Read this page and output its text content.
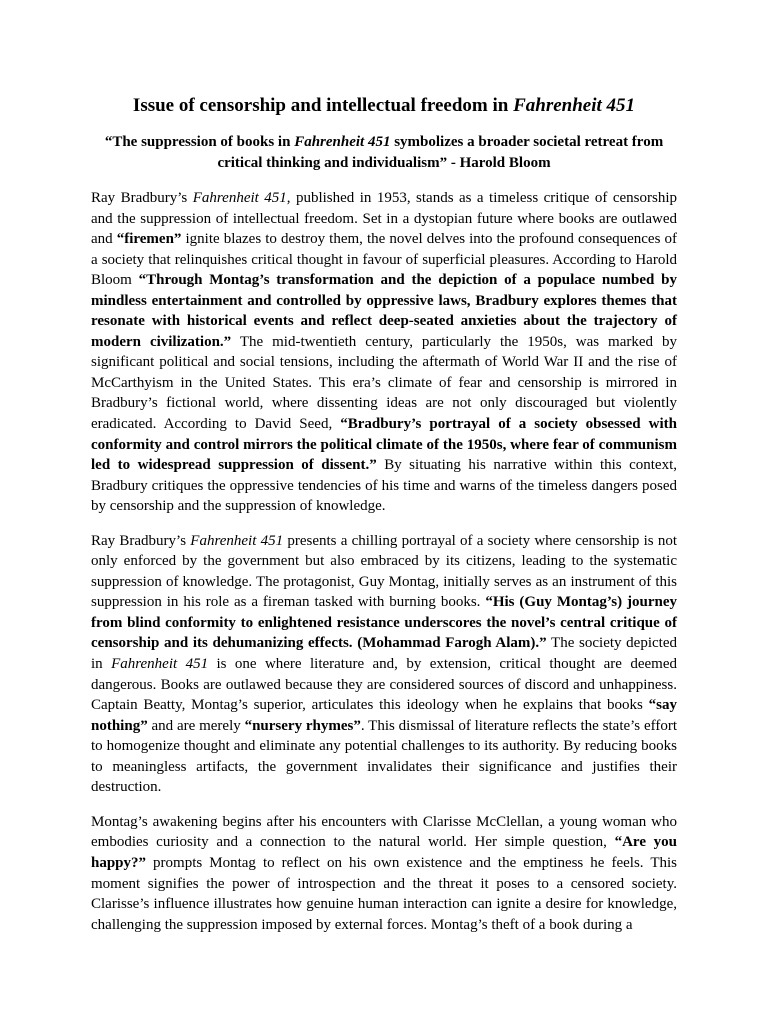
Issue of censorship and intellectual freedom in Fahrenheit 451

“The suppression of books in Fahrenheit 451 symbolizes a broader societal retreat from critical thinking and individualism” - Harold Bloom

Ray Bradbury’s Fahrenheit 451, published in 1953, stands as a timeless critique of censorship and the suppression of intellectual freedom. Set in a dystopian future where books are outlawed and “firemen” ignite blazes to destroy them, the novel delves into the profound consequences of a society that relinquishes critical thought in favour of superficial pleasures. According to Harold Bloom “Through Montag’s transformation and the depiction of a populace numbed by mindless entertainment and controlled by oppressive laws, Bradbury explores themes that resonate with historical events and reflect deep-seated anxieties about the trajectory of modern civilization.” The mid-twentieth century, particularly the 1950s, was marked by significant political and social tensions, including the aftermath of World War II and the rise of McCarthyism in the United States. This era’s climate of fear and censorship is mirrored in Bradbury’s fictional world, where dissenting ideas are not only discouraged but violently eradicated. According to David Seed, “Bradbury’s portrayal of a society obsessed with conformity and control mirrors the political climate of the 1950s, where fear of communism led to widespread suppression of dissent.” By situating his narrative within this context, Bradbury critiques the oppressive tendencies of his time and warns of the timeless dangers posed by censorship and the suppression of knowledge.

Ray Bradbury’s Fahrenheit 451 presents a chilling portrayal of a society where censorship is not only enforced by the government but also embraced by its citizens, leading to the systematic suppression of knowledge. The protagonist, Guy Montag, initially serves as an instrument of this suppression in his role as a fireman tasked with burning books. “His (Guy Montag’s) journey from blind conformity to enlightened resistance underscores the novel’s central critique of censorship and its dehumanizing effects. (Mohammad Farogh Alam).” The society depicted in Fahrenheit 451 is one where literature and, by extension, critical thought are deemed dangerous. Books are outlawed because they are considered sources of discord and unhappiness. Captain Beatty, Montag’s superior, articulates this ideology when he explains that books “say nothing” and are merely “nursery rhymes”. This dismissal of literature reflects the state’s effort to homogenize thought and eliminate any potential challenges to its authority. By reducing books to meaningless artifacts, the government invalidates their significance and justifies their destruction.

Montag’s awakening begins after his encounters with Clarisse McClellan, a young woman who embodies curiosity and a connection to the natural world. Her simple question, “Are you happy?” prompts Montag to reflect on his own existence and the emptiness he feels. This moment signifies the power of introspection and the threat it poses to a censored society. Clarisse’s influence illustrates how genuine human interaction can ignite a desire for knowledge, challenging the suppression imposed by external forces. Montag’s theft of a book during a
